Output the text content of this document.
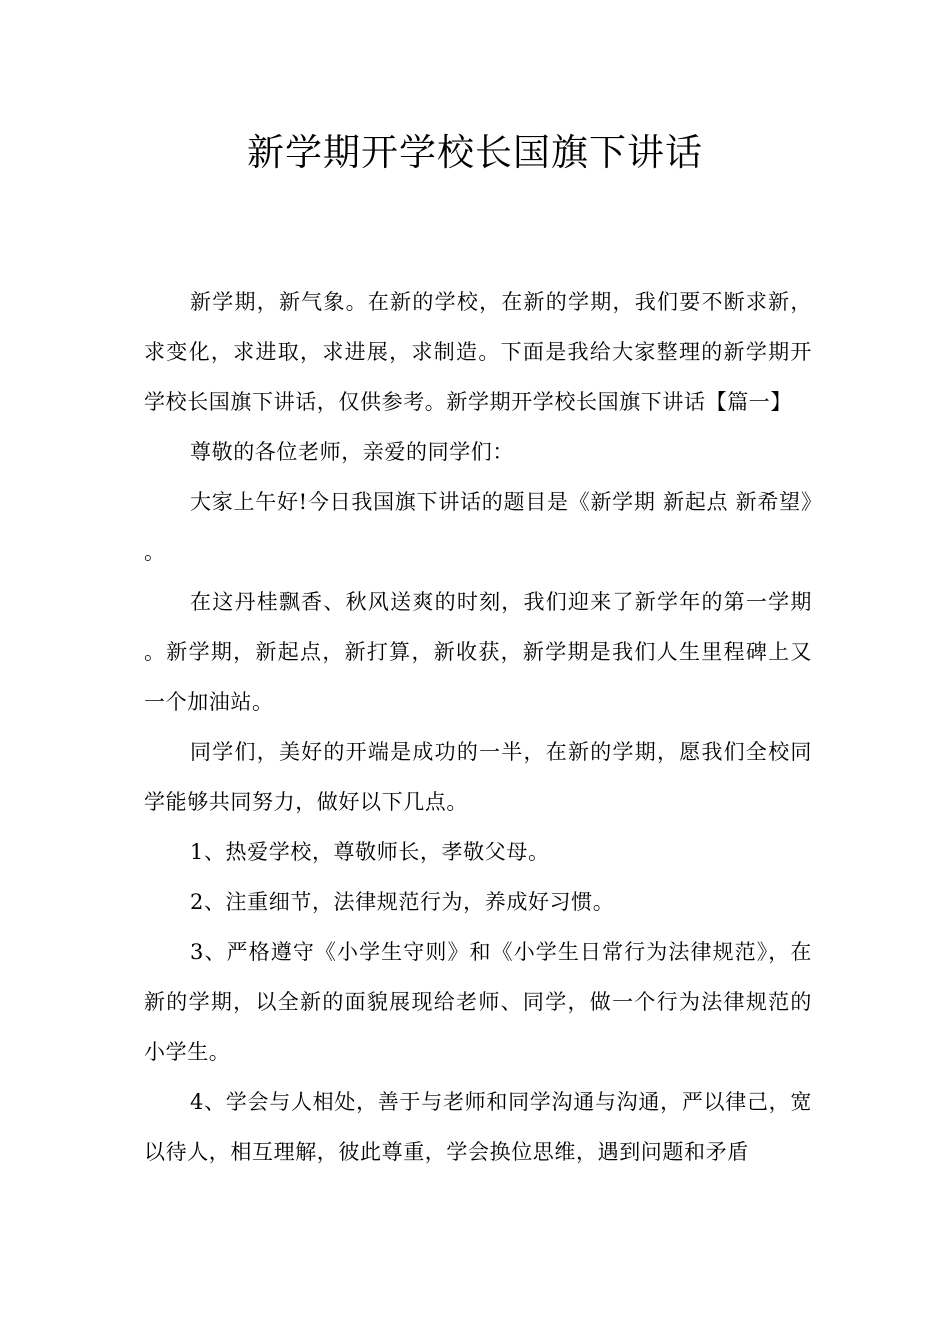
新学期开学校长国旗下讲话

新学期，新气象。在新的学校，在新的学期，我们要不断求新，求变化，求进取，求进展，求制造。下面是我给大家整理的新学期开学校长国旗下讲话，仅供参考。新学期开学校长国旗下讲话【篇一】

尊敬的各位老师，亲爱的同学们：

大家上午好!今日我国旗下讲话的题目是《新学期 新起点 新希望》。

在这丹桂飘香、秋风送爽的时刻，我们迎来了新学年的第一学期。新学期，新起点，新打算，新收获，新学期是我们人生里程碑上又一个加油站。

同学们，美好的开端是成功的一半，在新的学期，愿我们全校同学能够共同努力，做好以下几点。

1、热爱学校，尊敬师长，孝敬父母。

2、注重细节，法律规范行为，养成好习惯。

3、严格遵守《小学生守则》和《小学生日常行为法律规范》，在新的学期，以全新的面貌展现给老师、同学，做一个行为法律规范的小学生。

4、学会与人相处，善于与老师和同学沟通与沟通，严以律己，宽以待人，相互理解，彼此尊重，学会换位思维，遇到问题和矛盾
